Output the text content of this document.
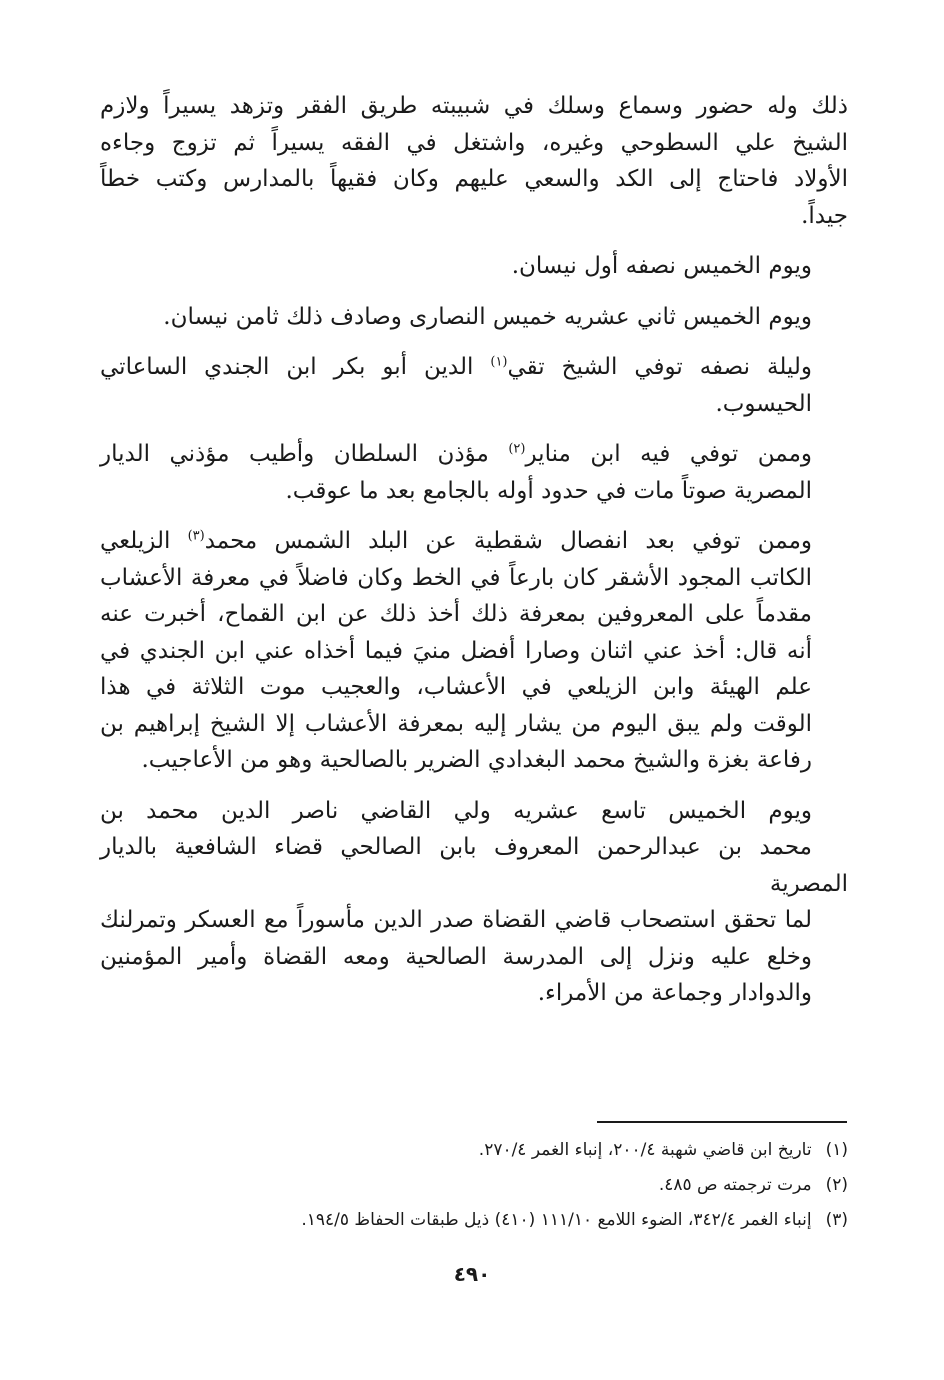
ذلك وله حضور وسماع وسلك في شبيبته طريق الفقر وتزهد يسيراً ولازم
الشيخ علي السطوحي وغيره، واشتغل في الفقه يسيراً ثم تزوج وجاءه
الأولاد فاحتاج إلى الكد والسعي عليهم وكان فقيهاً بالمدارس وكتب خطاً
جيداً.

ويوم الخميس نصفه أول نيسان.

ويوم الخميس ثاني عشريه خميس النصارى وصادف ذلك ثامن نيسان.

وليلة نصفه توفي الشيخ تقي$^{(١)}$ الدين أبو بكر ابن الجندي الساعاتي
الحيسوب.

وممن توفي فيه ابن مناير$^{(٢)}$ مؤذن السلطان وأطيب مؤذني الديار
المصرية صوتاً مات في حدود أوله بالجامع بعد ما عوقب.

وممن توفي بعد انفصال شقطية عن البلد الشمس محمد$^{(٣)}$ الزيلعي
الكاتب المجود الأشقر كان بارعاً في الخط وكان فاضلاً في معرفة الأعشاب
مقدماً على المعروفين بمعرفة ذلك أخذ ذلك عن ابن القماح، أخبرت عنه
أنه قال: أخذ عني اثنان وصارا أفضل منيَ فيما أخذاه عني ابن الجندي في
علم الهيئة وابن الزيلعي في الأعشاب، والعجيب موت الثلاثة في هذا
الوقت ولم يبق اليوم من يشار إليه بمعرفة الأعشاب إلا الشيخ إبراهيم بن
رفاعة بغزة والشيخ محمد البغدادي الضرير بالصالحية وهو من الأعاجيب.

ويوم الخميس تاسع عشريه ولي القاضي ناصر الدين محمد بن
محمد بن عبدالرحمن المعروف بابن الصالحي قضاء الشافعية بالديار المصرية
لما تحقق استصحاب قاضي القضاة صدر الدين مأسوراً مع العسكر وتمرلنك
وخلع عليه ونزل إلى المدرسة الصالحية ومعه القضاة وأمير المؤمنين
والدوادار وجماعة من الأمراء.

(١)تاريخ ابن قاضي شهبة ٢٠٠/٤، إنباء الغمر ٢٧٠/٤.
(٢)مرت ترجمته ص ٤٨٥.
(٣)إنباء الغمر ٣٤٢/٤، الضوء اللامع ١١١/١٠ (٤١٠) ذيل طبقات الحفاظ ١٩٤/٥.
٤٩٠
